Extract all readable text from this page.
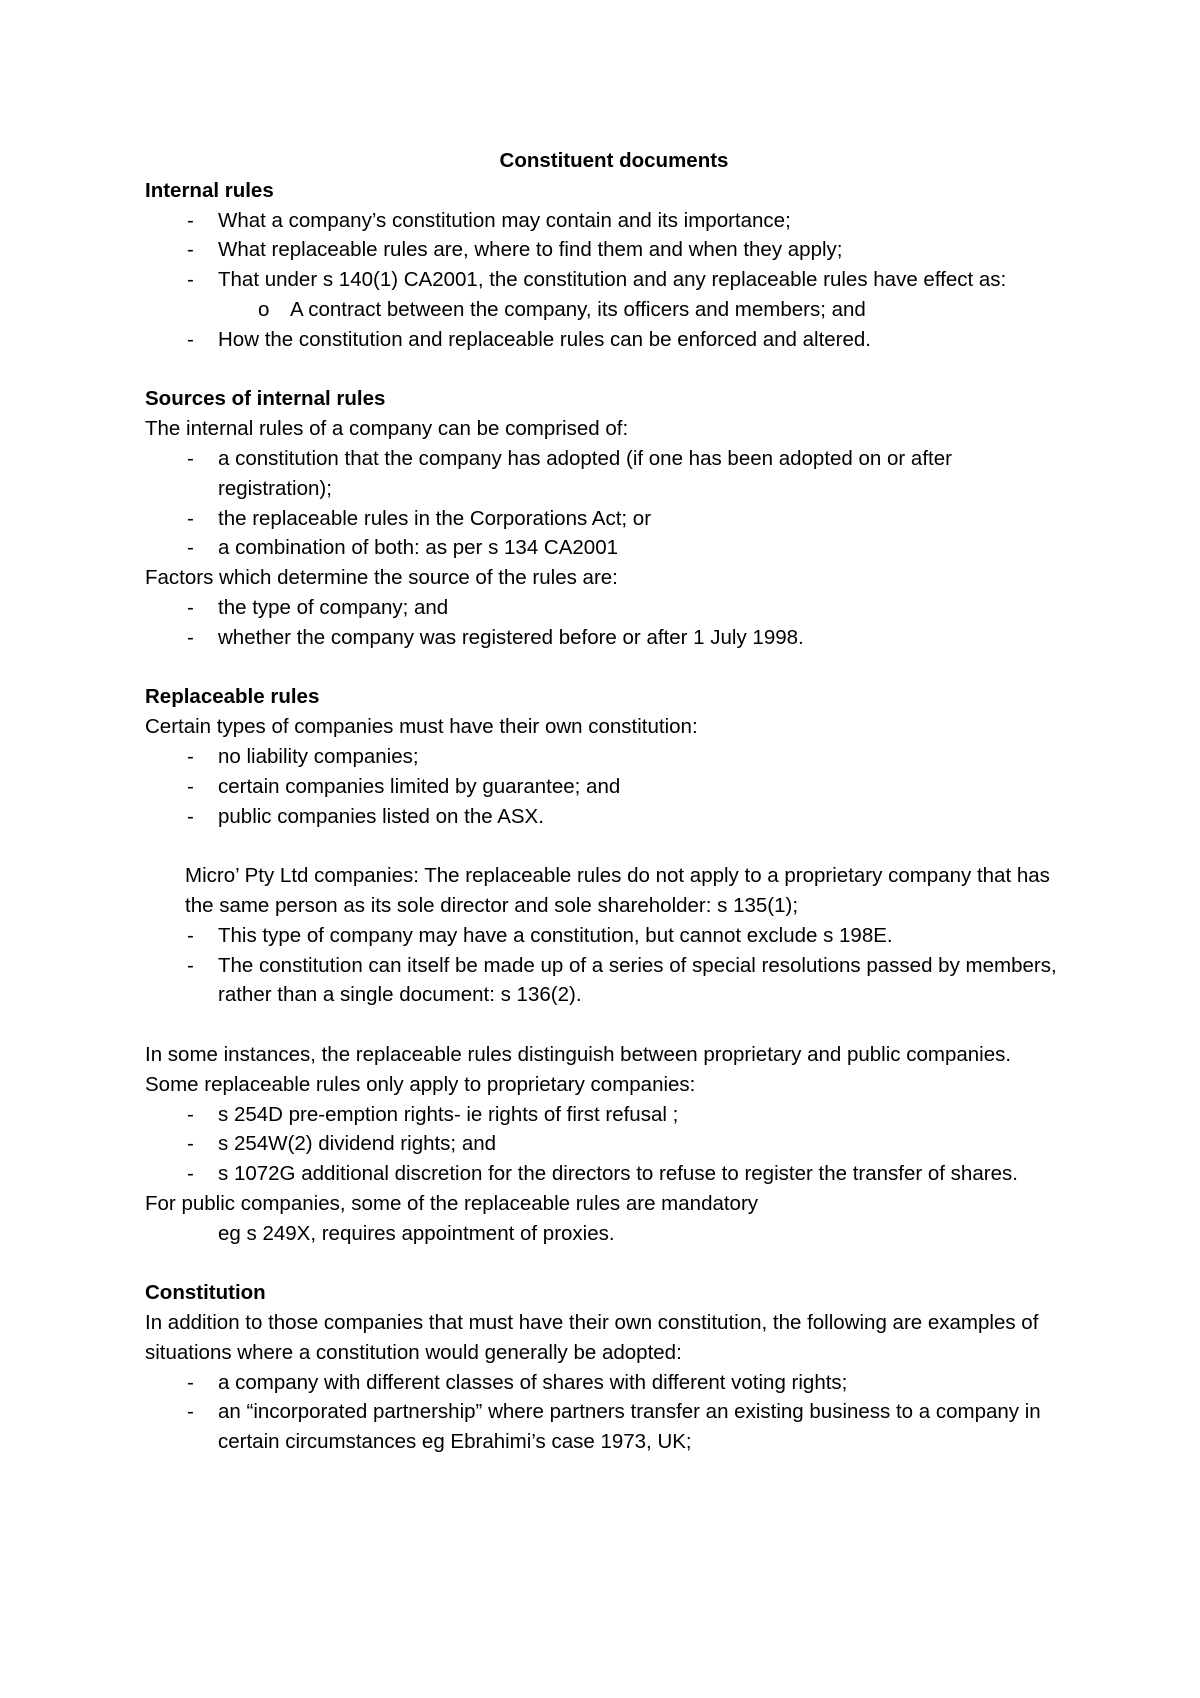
Constituent documents

Internal rules

- What a company’s constitution may contain and its importance;
- What replaceable rules are, where to find them and when they apply;
- That under s 140(1) CA2001, the constitution and any replaceable rules have effect as:
o A contract between the company, its officers and members; and
- How the constitution and replaceable rules can be enforced and altered.

Sources of internal rules

The internal rules of a company can be comprised of:

- a constitution that the company has adopted (if one has been adopted on or after registration);
- the replaceable rules in the Corporations Act; or
- a combination of both: as per s 134 CA2001

Factors which determine the source of the rules are:

- the type of company; and
- whether the company was registered before or after 1 July 1998.

Replaceable rules

Certain types of companies must have their own constitution:

- no liability companies;
- certain companies limited by guarantee; and
- public companies listed on the ASX.

Micro’ Pty Ltd companies: The replaceable rules do not apply to a proprietary company that has the same person as its sole director and sole shareholder: s 135(1);

- This type of company may have a constitution, but cannot exclude s 198E.
- The constitution can itself be made up of a series of special resolutions passed by members, rather than a single document: s 136(2).

In some instances, the replaceable rules distinguish between proprietary and public companies.

Some replaceable rules only apply to proprietary companies:

- s 254D pre-emption rights- ie rights of first refusal ;
- s 254W(2) dividend rights; and
- s 1072G additional discretion for the directors to refuse to register the transfer of shares.

For public companies, some of the replaceable rules are mandatory

eg s 249X, requires appointment of proxies.

Constitution

In addition to those companies that must have their own constitution, the following are examples of situations where a constitution would generally be adopted:

- a company with different classes of shares with different voting rights;
- an “incorporated partnership” where partners transfer an existing business to a company in certain circumstances eg Ebrahimi’s case 1973, UK;
